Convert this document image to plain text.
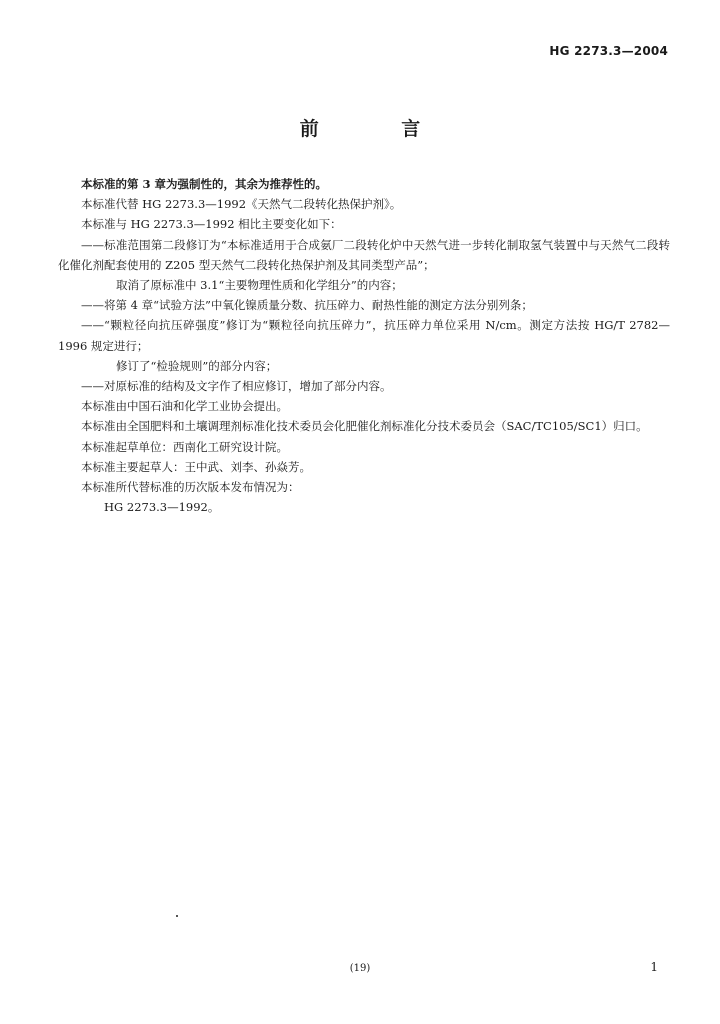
HG 2273.3—2004
前 言

本标准的第 3 章为强制性的，其余为推荐性的。

本标准代替 HG 2273.3—1992《天然气二段转化热保护剂》。

本标准与 HG 2273.3—1992 相比主要变化如下：

——标准范围第二段修订为“本标准适用于合成氨厂二段转化炉中天然气进一步转化制取氢气装置中与天然气二段转化催化剂配套使用的 Z205 型天然气二段转化热保护剂及其同类型产品”；

取消了原标准中 3.1“主要物理性质和化学组分”的内容；

——将第 4 章“试验方法”中氧化镍质量分数、抗压碎力、耐热性能的测定方法分别列条；

——“颗粒径向抗压碎强度”修订为“颗粒径向抗压碎力”，抗压碎力单位采用 N/cm。测定方法按 HG/T 2782—1996 规定进行；

修订了“检验规则”的部分内容；

——对原标准的结构及文字作了相应修订，增加了部分内容。

本标准由中国石油和化学工业协会提出。

本标准由全国肥料和土壤调理剂标准化技术委员会化肥催化剂标准化分技术委员会（SAC/TC105/SC1）归口。

本标准起草单位：西南化工研究设计院。

本标准主要起草人：王中武、刘李、孙焱芳。

本标准所代替标准的历次版本发布情况为：

HG 2273.3—1992。

(19)	1
